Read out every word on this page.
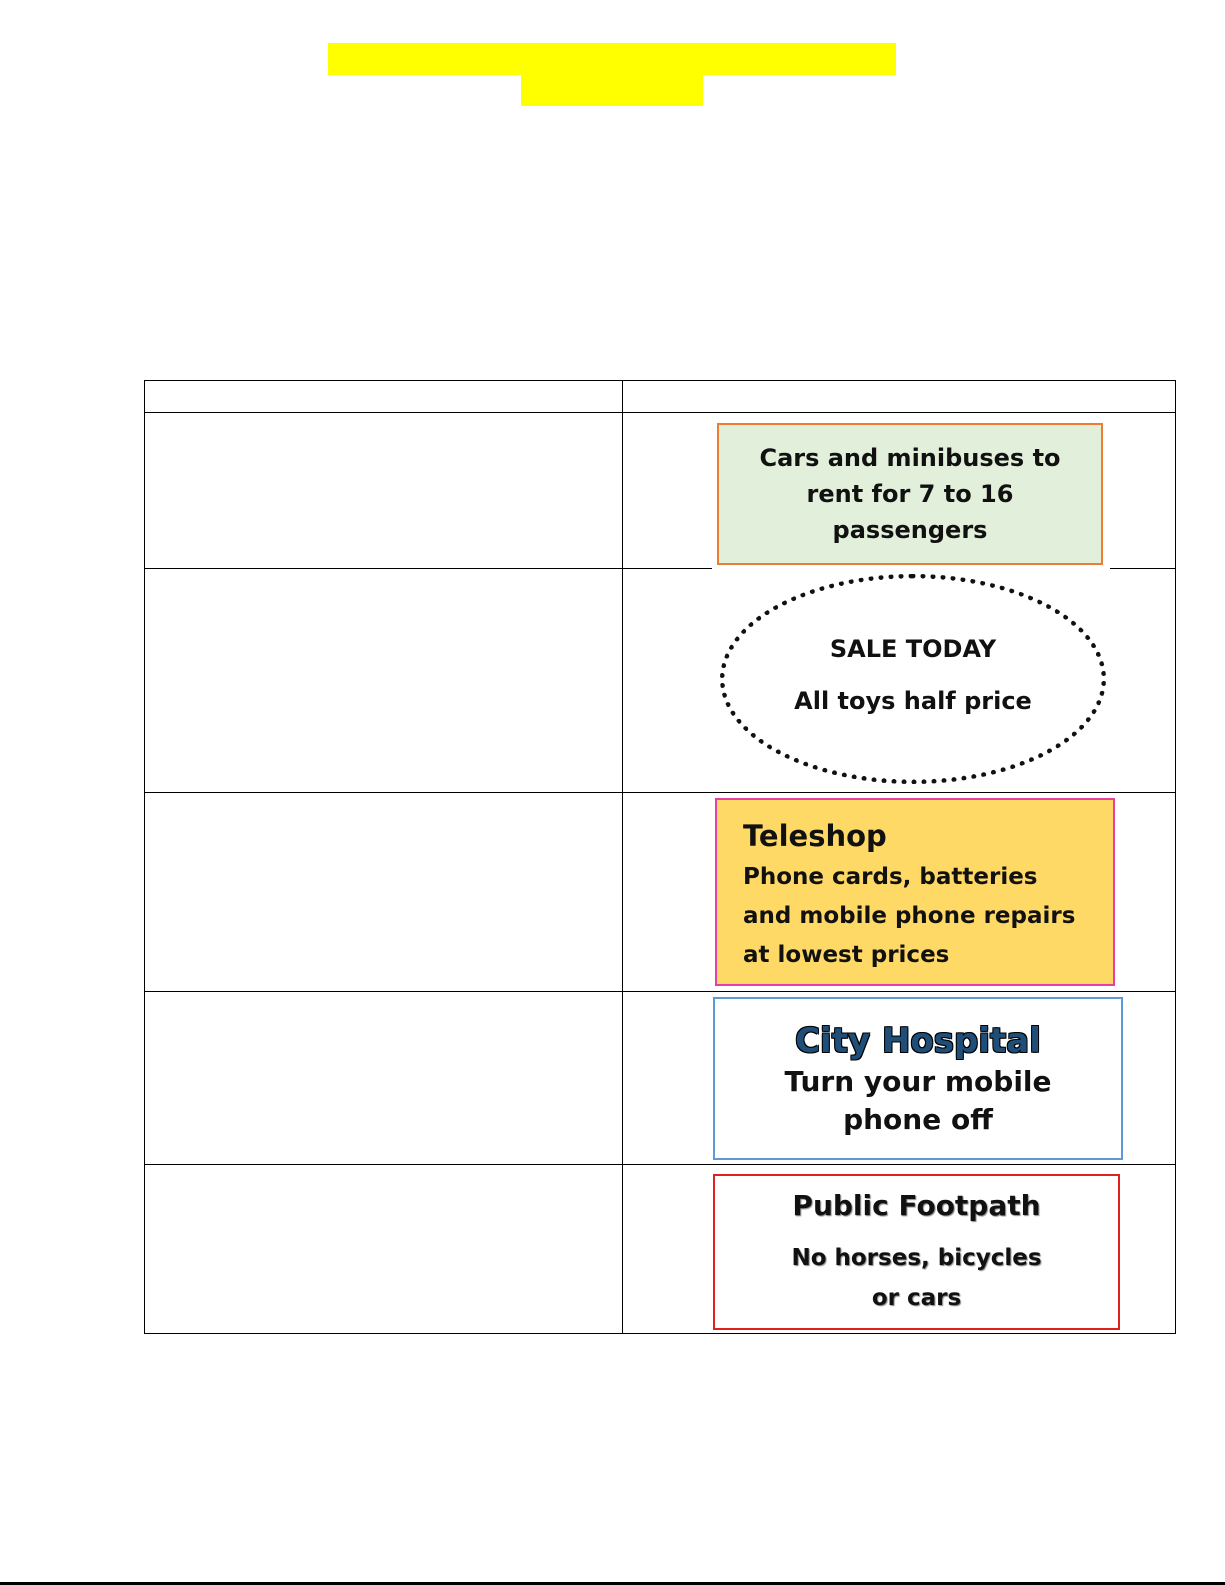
Cars and minibuses to rent for 7 to 16 passengers
SALE TODAY
All toys half price
Teleshop
Phone cards, batteries
and mobile phone repairs
at lowest prices
City Hospital
Turn your mobile
phone off
Public Footpath
No horses, bicycles
or cars
